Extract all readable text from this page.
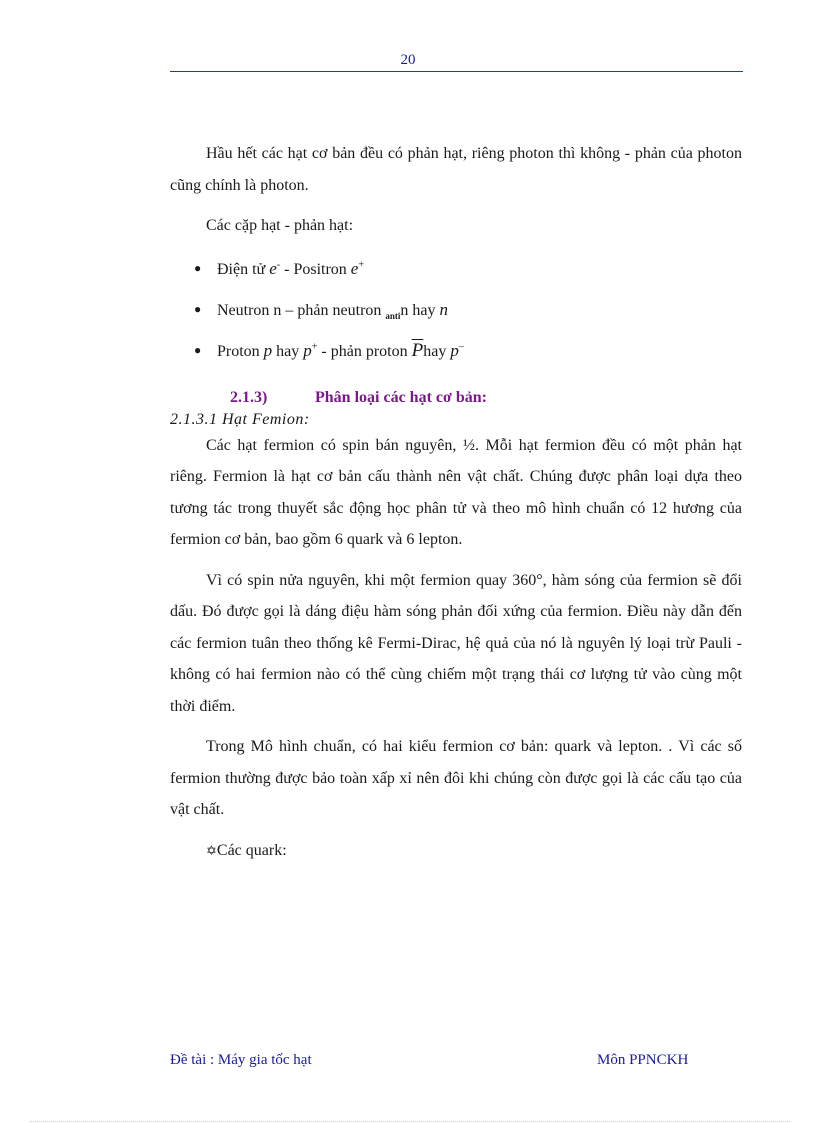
20

Hầu hết các hạt cơ bản đều có phản hạt, riêng photon thì không - phản của photon cũng chính là photon.

Các cặp hạt - phản hạt:

● Điện tử e- - Positron e+
● Neutron n – phản neutron $_{anti}$n hay n
● Proton p hay p+ - phản proton $\overline{P}hay$ p–
2.1.3)	Phân loại các hạt cơ bản:
2.1.3.1 Hạt Femion:

Các hạt fermion có spin bán nguyên, ½. Mỗi hạt fermion đều có một phản hạt riêng. Fermion là hạt cơ bản cấu thành nên vật chất. Chúng được phân loại dựa theo tương tác trong thuyết sắc động học phân tử và theo mô hình chuẩn có 12 hương của fermion cơ bản, bao gồm 6 quark và 6 lepton.

Vì có spin nửa nguyên, khi một fermion quay 360°, hàm sóng của fermion sẽ đổi dấu. Đó được gọi là dáng điệu hàm sóng phản đối xứng của fermion. Điều này dẫn đến các fermion tuân theo thống kê Fermi-Dirac, hệ quả của nó là nguyên lý loại trừ Pauli - không có hai fermion nào có thể cùng chiếm một trạng thái cơ lượng tử vào cùng một thời điểm.

Trong Mô hình chuẩn, có hai kiểu fermion cơ bản: quark và lepton. . Vì các số fermion thường được bảo toàn xấp xỉ nên đôi khi chúng còn được gọi là các cấu tạo của vật chất.

✡Các quark:

Đề tài : Máy gia tốc hạt	Môn PPNCKH
